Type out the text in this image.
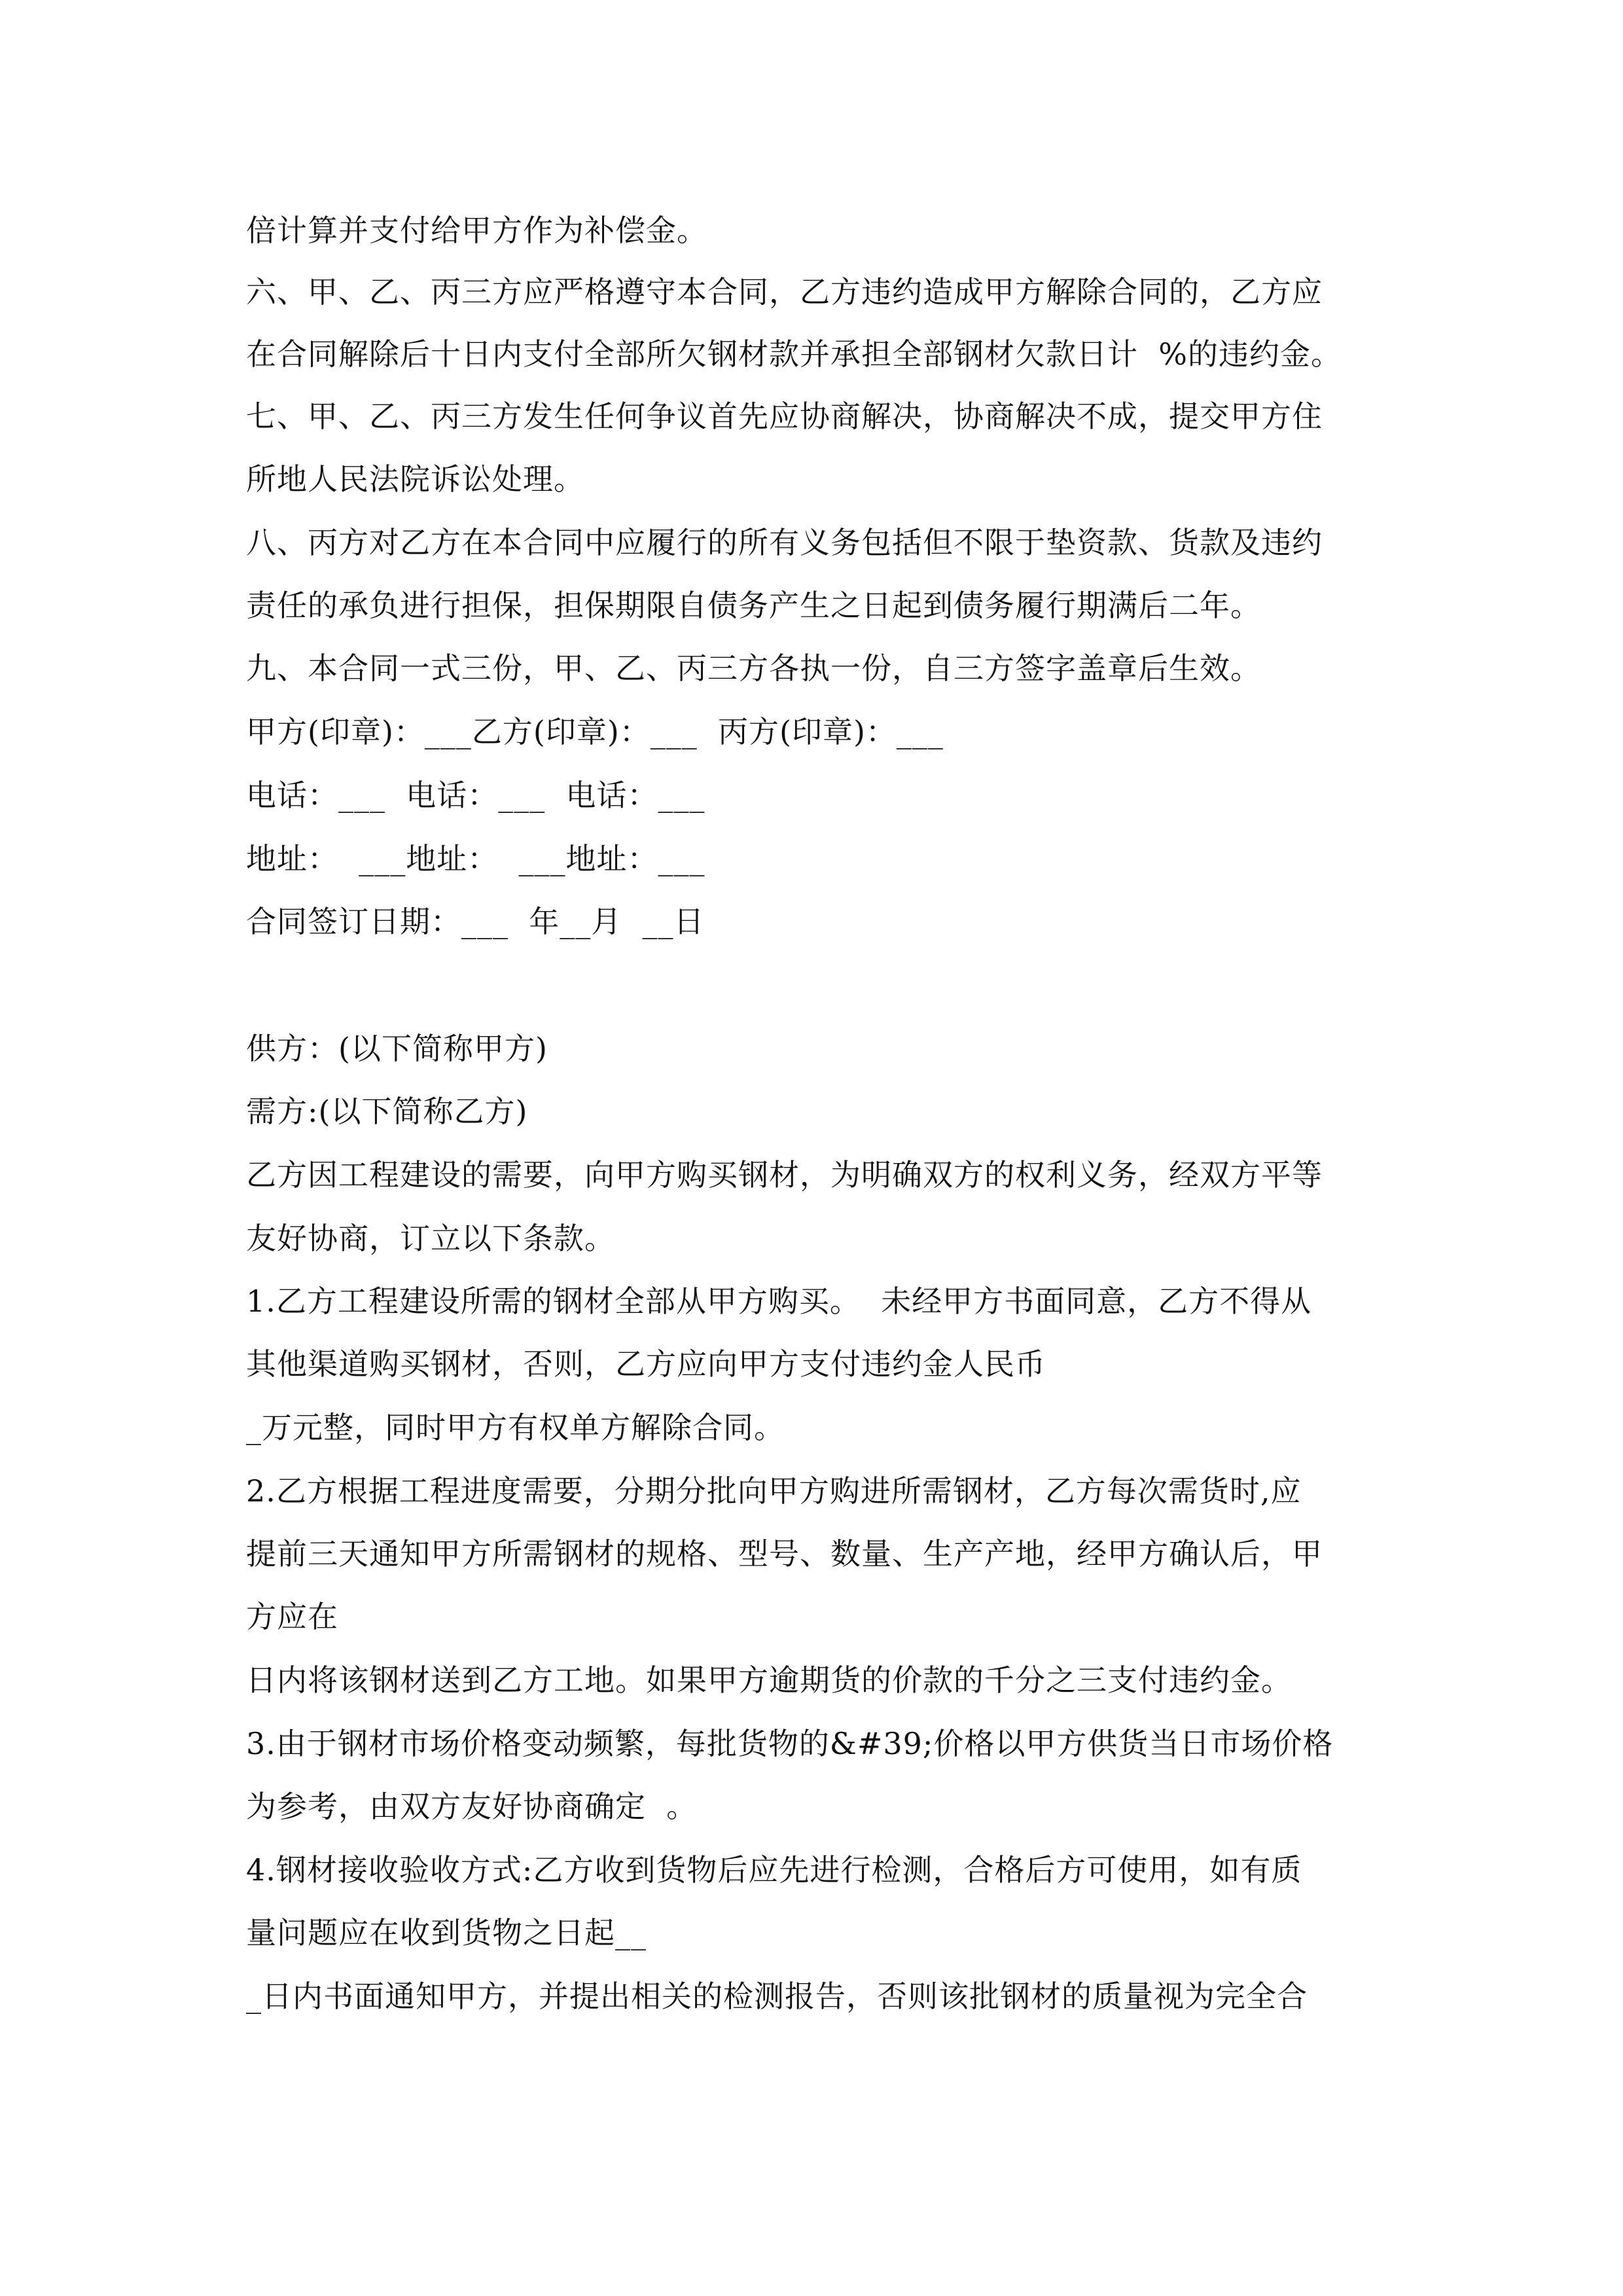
倍计算并支付给甲方作为补偿金。
六、甲、乙、丙三方应严格遵守本合同，乙方违约造成甲方解除合同的，乙方应
在合同解除后十日内支付全部所欠钢材款并承担全部钢材欠款日计  %的违约金。
七、甲、乙、丙三方发生任何争议首先应协商解决，协商解决不成，提交甲方住
所地人民法院诉讼处理。
八、丙方对乙方在本合同中应履行的所有义务包括但不限于垫资款、货款及违约
责任的承负进行担保，担保期限自债务产生之日起到债务履行期满后二年。
九、本合同一式三份，甲、乙、丙三方各执一份，自三方签字盖章后生效。
甲方(印章)：___乙方(印章)：___  丙方(印章)：___
电话：___  电话：___  电话：___
地址：  ___地址：  ___地址：___
合同签订日期：___  年__月  __日
供方：(以下简称甲方)
需方:(以下简称乙方)
乙方因工程建设的需要，向甲方购买钢材，为明确双方的权利义务，经双方平等
友好协商，订立以下条款。
1.乙方工程建设所需的钢材全部从甲方购买。  未经甲方书面同意，乙方不得从
其他渠道购买钢材，否则，乙方应向甲方支付违约金人民币
_万元整，同时甲方有权单方解除合同。
2.乙方根据工程进度需要，分期分批向甲方购进所需钢材，乙方每次需货时,应
提前三天通知甲方所需钢材的规格、型号、数量、生产产地，经甲方确认后，甲
方应在
日内将该钢材送到乙方工地。如果甲方逾期货的价款的千分之三支付违约金。
3.由于钢材市场价格变动频繁，每批货物的&#39;价格以甲方供货当日市场价格
为参考，由双方友好协商确定  。
4.钢材接收验收方式:乙方收到货物后应先进行检测，合格后方可使用，如有质
量问题应在收到货物之日起__
_日内书面通知甲方，并提出相关的检测报告，否则该批钢材的质量视为完全合
